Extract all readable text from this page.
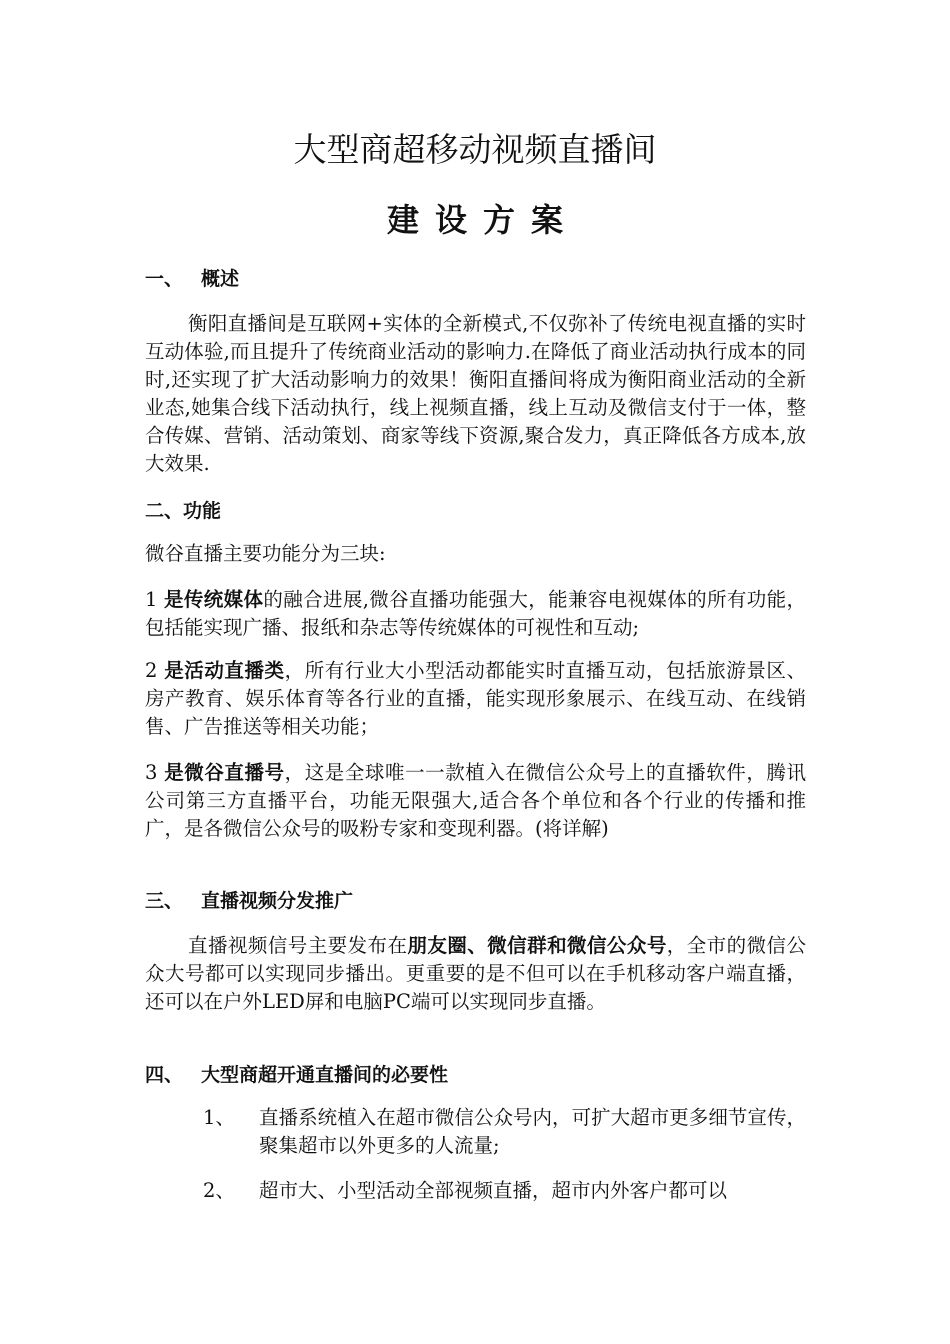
大型商超移动视频直播间
建设方案
一、 概述
衡阳直播间是互联网+实体的全新模式,不仅弥补了传统电视直播的实时互动体验,而且提升了传统商业活动的影响力.在降低了商业活动执行成本的同时,还实现了扩大活动影响力的效果！衡阳直播间将成为衡阳商业活动的全新业态,她集合线下活动执行，线上视频直播，线上互动及微信支付于一体，整合传媒、营销、活动策划、商家等线下资源,聚合发力，真正降低各方成本,放大效果.
二、功能
微谷直播主要功能分为三块:
1 是传统媒体的融合进展,微谷直播功能强大，能兼容电视媒体的所有功能，包括能实现广播、报纸和杂志等传统媒体的可视性和互动;
2 是活动直播类，所有行业大小型活动都能实时直播互动，包括旅游景区、房产教育、娱乐体育等各行业的直播，能实现形象展示、在线互动、在线销售、广告推送等相关功能；
3 是微谷直播号，这是全球唯一一款植入在微信公众号上的直播软件，腾讯公司第三方直播平台，功能无限强大,适合各个单位和各个行业的传播和推广，是各微信公众号的吸粉专家和变现利器。(将详解)
三、 直播视频分发推广
直播视频信号主要发布在朋友圈、微信群和微信公众号，全市的微信公众大号都可以实现同步播出。更重要的是不但可以在手机移动客户端直播，还可以在户外LED屏和电脑PC端可以实现同步直播。
四、 大型商超开通直播间的必要性
1、	直播系统植入在超市微信公众号内，可扩大超市更多细节宣传，聚集超市以外更多的人流量;
2、	超市大、小型活动全部视频直播，超市内外客户都可以
